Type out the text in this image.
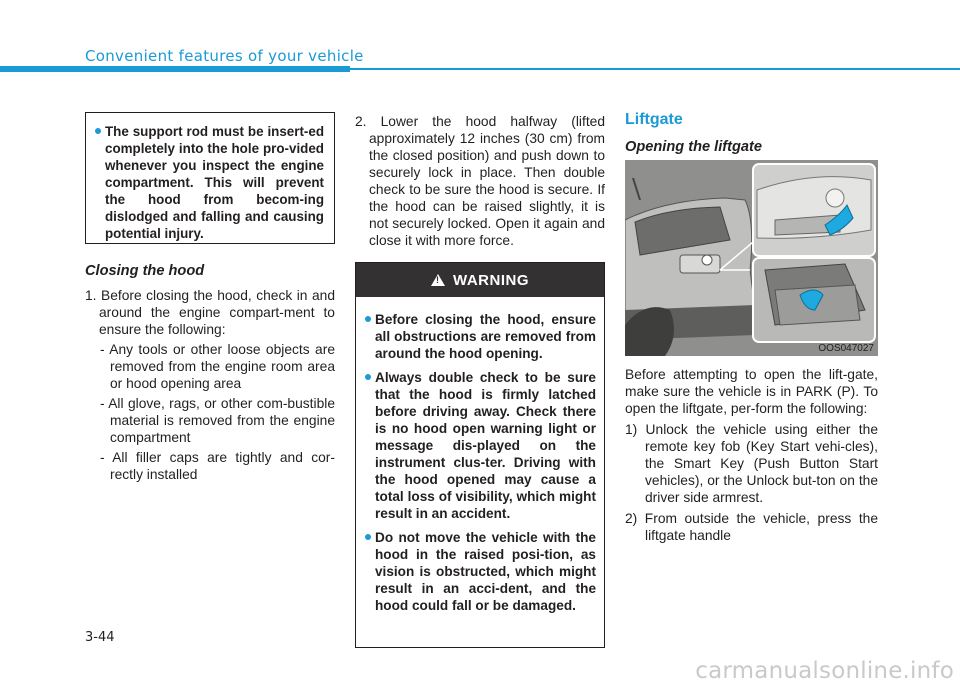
Convenient features of your vehicle
The support rod must be insert-ed completely into the hole pro-vided whenever you inspect the engine compartment. This will prevent the hood from becom-ing dislodged and falling and causing potential injury.
Closing the hood

1. Before closing the hood, check in and around the engine compart-ment to ensure the following:

- Any tools or other loose objects are removed from the engine room area or hood opening area

- All glove, rags, or other com-bustible material is removed from the engine compartment

- All filler caps are tightly and cor-rectly installed

2. Lower the hood halfway (lifted approximately 12 inches (30 cm) from the closed position) and push down to securely lock in place. Then double check to be sure the hood is secure. If the hood can be raised slightly, it is not securely locked. Open it again and close it with more force.

!
WARNING
Before closing the hood, ensure all obstructions are removed from around the hood opening.
Always double check to be sure that the hood is firmly latched before driving away. Check there is no hood open warning light or message dis-played on the instrument clus-ter. Driving with the hood opened may cause a total loss of visibility, which might result in an accident.
Do not move the vehicle with the hood in the raised posi-tion, as vision is obstructed, which might result in an acci-dent, and the hood could fall or be damaged.
Liftgate
Opening the liftgate
OOS047027

Before attempting to open the lift-gate, make sure the vehicle is in PARK (P). To open the liftgate, per-form the following:

1) Unlock the vehicle using either the remote key fob (Key Start vehi-cles), the Smart Key (Push Button Start vehicles), or the Unlock but-ton on the driver side armrest.

2) From outside the vehicle, press the liftgate handle

3-44
carmanualsonline.info
